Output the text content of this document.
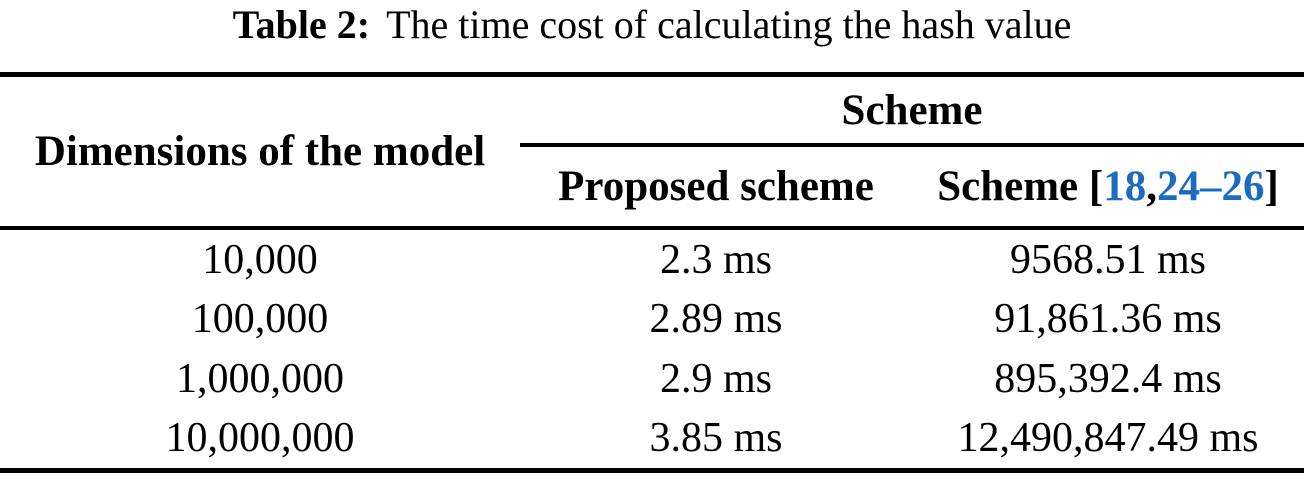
Table 2: The time cost of calculating the hash value
Dimensions of the model
Scheme
Proposed scheme	Scheme [ 18 , 24–26 ]
10,000	2.3 ms	9568.51 ms
100,000	2.89 ms	91,861.36 ms
1,000,000	2.9 ms	895,392.4 ms
10,000,000	3.85 ms	12,490,847.49 ms
